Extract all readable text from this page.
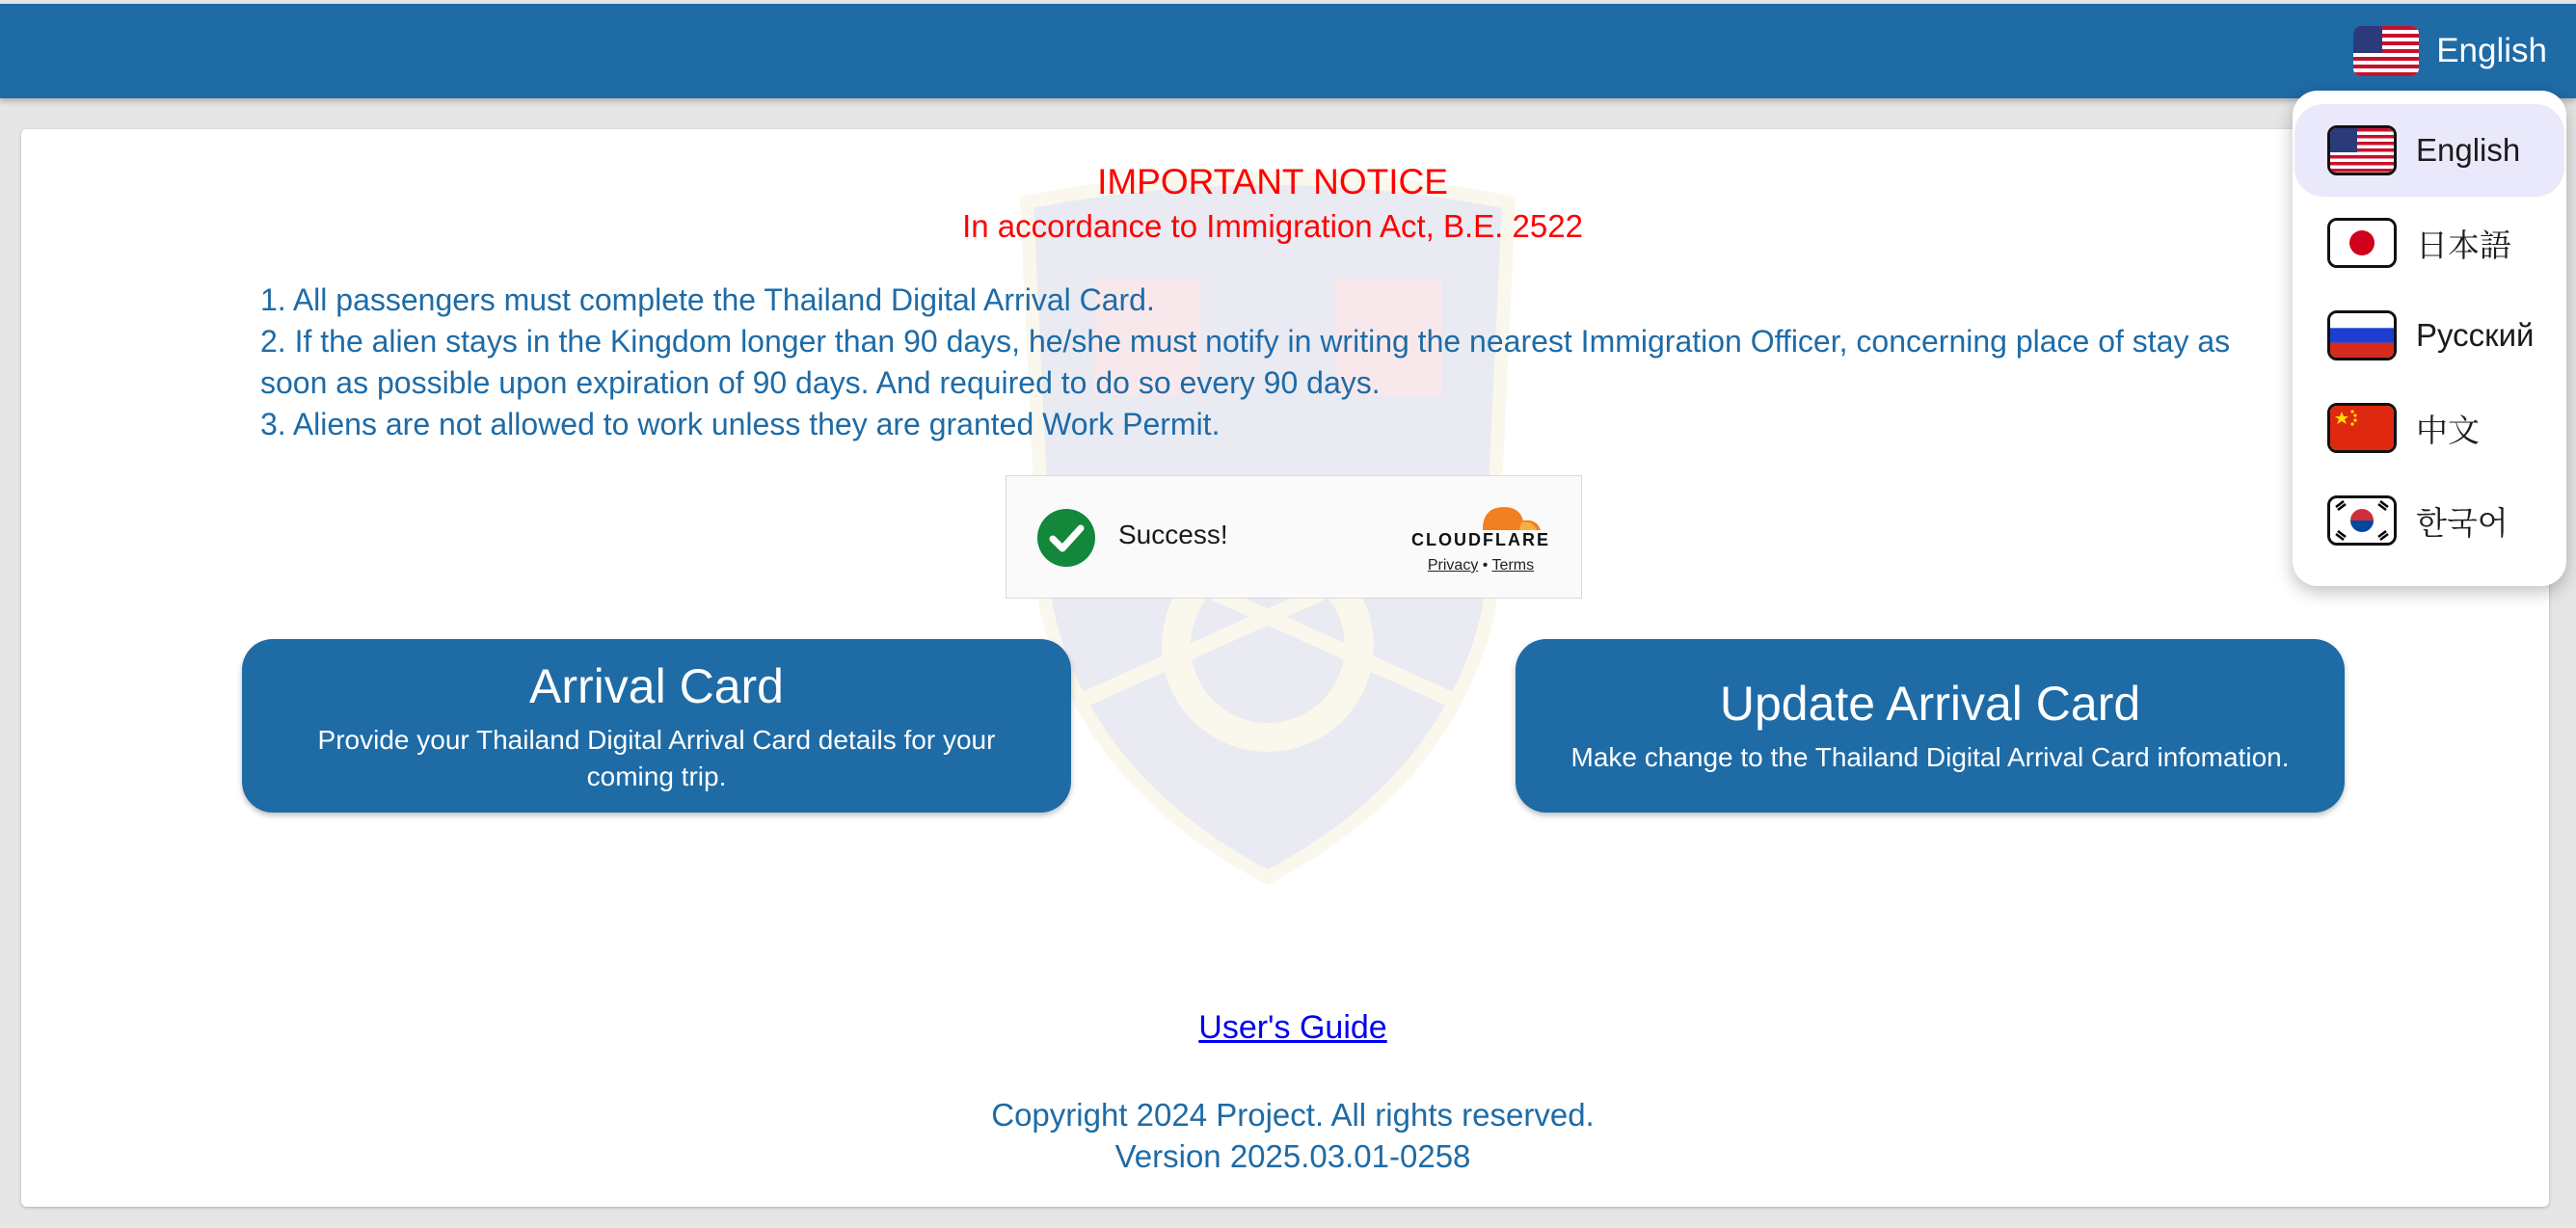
English
IMPORTANT NOTICE
In accordance to Immigration Act, B.E. 2522
1. All passengers must complete the Thailand Digital Arrival Card.
2. If the alien stays in the Kingdom longer than 90 days, he/she must notify in writing the nearest Immigration Officer, concerning place of stay as soon as possible upon expiration of 90 days. And required to do so every 90 days.
3. Aliens are not allowed to work unless they are granted Work Permit.
Success!	CLOUDFLARE
Privacy • Terms
Arrival Card
Provide your Thailand Digital Arrival Card details for your coming trip.
Update Arrival Card
Make change to the Thailand Digital Arrival Card infomation.
User's Guide
Copyright 2024 Project. All rights reserved.
Version 2025.03.01-0258
English
日本語
Русский
中文
한국어
